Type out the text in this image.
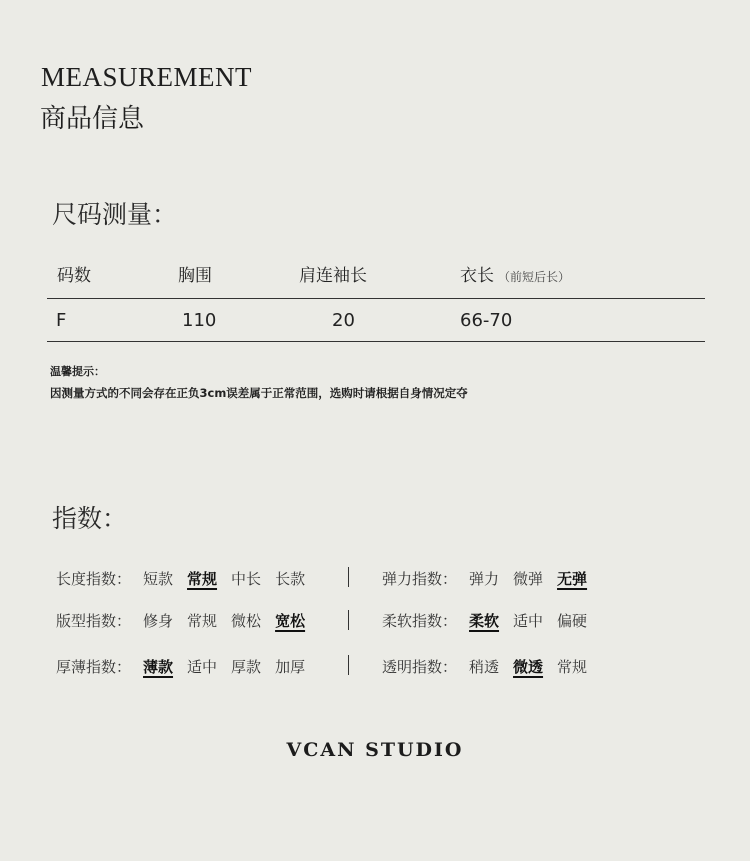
MEASUREMENT
商品信息
尺码测量：
码数	胸围	肩连袖长	衣长 （前短后长）
F	110	20	66-70
温馨提示：
因测量方式的不同会存在正负3cm误差属于正常范围，选购时请根据自身情况定夺
指数：
长度指数： 短款 常规 中长 长款
版型指数： 修身 常规 微松 宽松
厚薄指数： 薄款 适中 厚款 加厚
弹力指数： 弹力 微弹 无弹
柔软指数： 柔软 适中 偏硬
透明指数： 稍透 微透 常规
VCAN STUDIO
